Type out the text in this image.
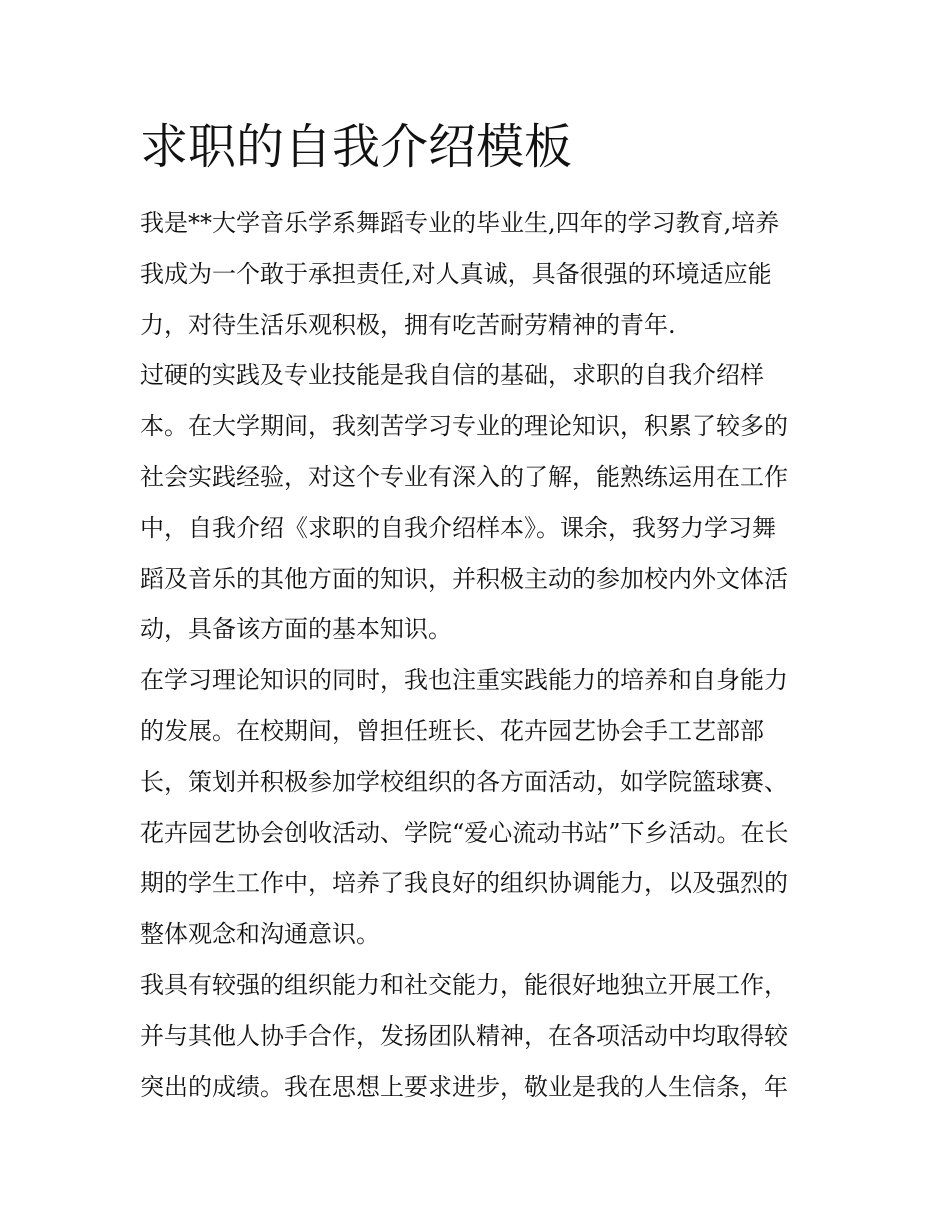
求职的自我介绍模板
我是**大学音乐学系舞蹈专业的毕业生,四年的学习教育,培养
我成为一个敢于承担责任,对人真诚，具备很强的环境适应能
力，对待生活乐观积极，拥有吃苦耐劳精神的青年.
过硬的实践及专业技能是我自信的基础，求职的自我介绍样
本。在大学期间，我刻苦学习专业的理论知识，积累了较多的
社会实践经验，对这个专业有深入的了解，能熟练运用在工作
中，自我介绍《求职的自我介绍样本》。课余，我努力学习舞
蹈及音乐的其他方面的知识，并积极主动的参加校内外文体活
动，具备该方面的基本知识。
在学习理论知识的同时，我也注重实践能力的培养和自身能力
的发展。在校期间，曾担任班长、花卉园艺协会手工艺部部
长，策划并积极参加学校组织的各方面活动，如学院篮球赛、
花卉园艺协会创收活动、学院“爱心流动书站”下乡活动。在长
期的学生工作中，培养了我良好的组织协调能力，以及强烈的
整体观念和沟通意识。
我具有较强的组织能力和社交能力，能很好地独立开展工作，
并与其他人协手合作，发扬团队精神，在各项活动中均取得较
突出的成绩。我在思想上要求进步，敬业是我的人生信条，年
